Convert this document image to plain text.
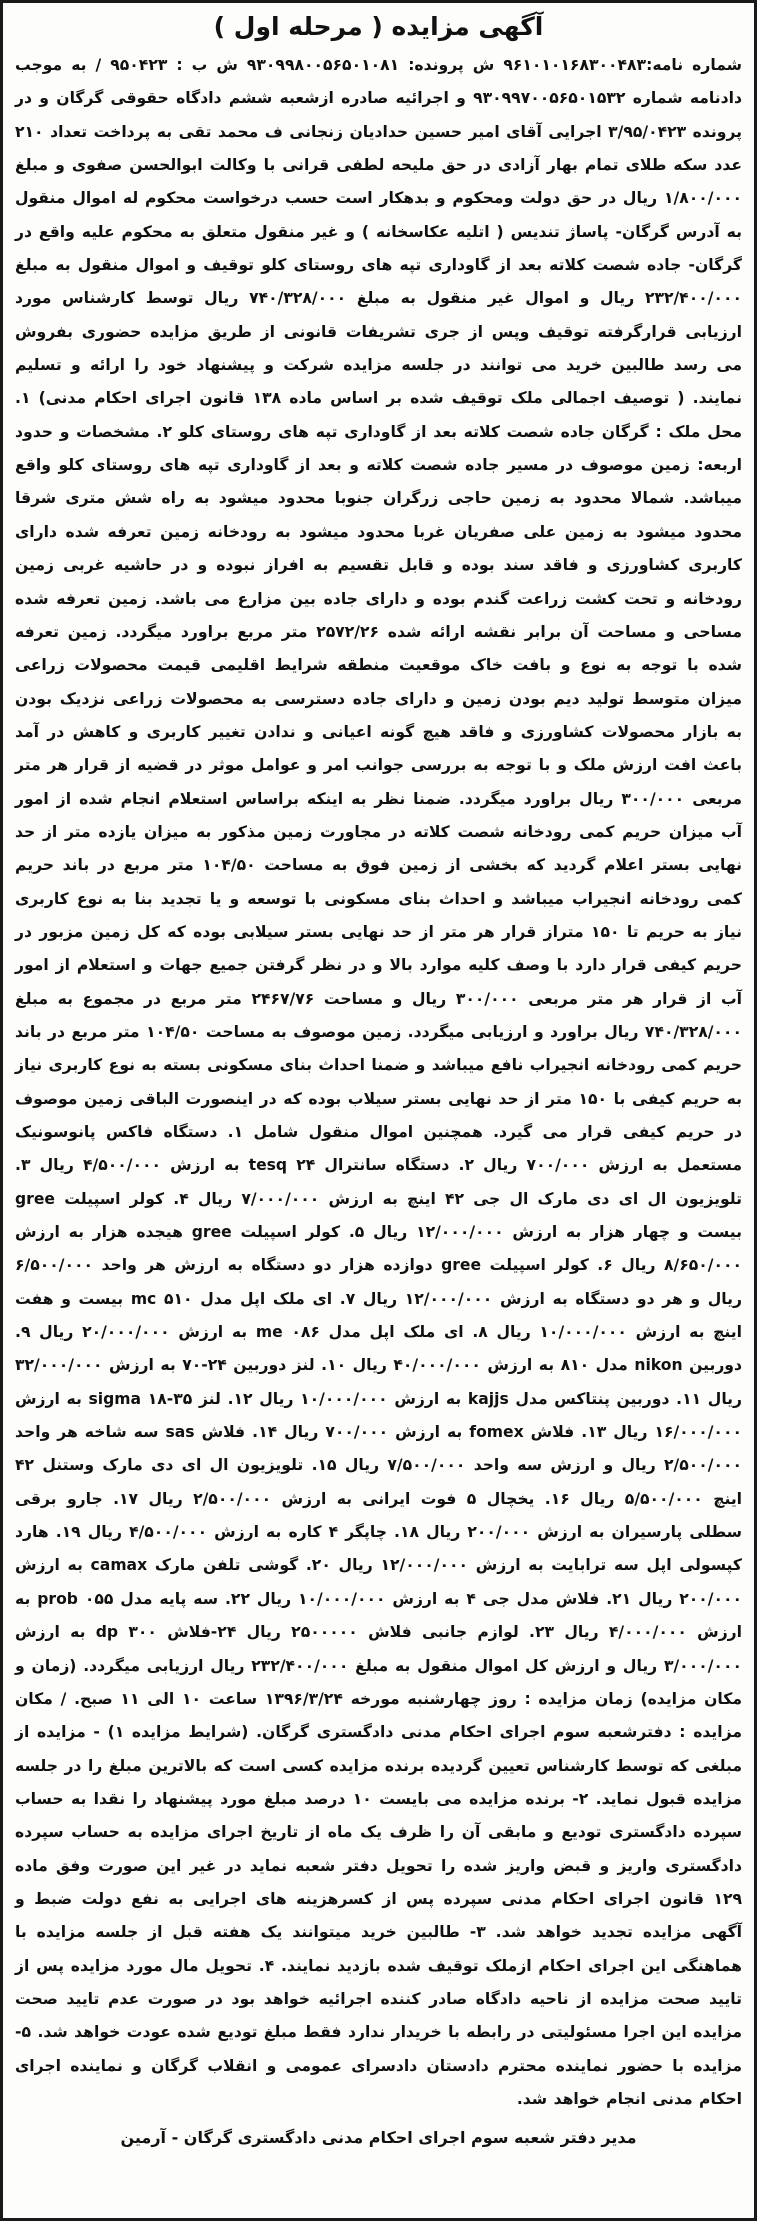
آگهی مزایده ( مرحله اول )

شماره نامه:۹۶۱۰۱۰۱۶۸۳۰۰۴۸۳ ش پرونده: ۹۳۰۹۹۸۰۰۵۶۵۰۱۰۸۱ ش ب : ۹۵۰۴۲۳ / به موجب دادنامه شماره ۹۳۰۹۹۷۰۰۵۶۵۰۱۵۳۲ و اجرائیه صادره ازشعبه ششم دادگاه حقوقی گرگان و در پرونده ۳/۹۵/۰۴۲۳ اجرایی آقای امیر حسین حدادیان زنجانی ف محمد تقی به پرداخت تعداد ۲۱۰ عدد سکه طلای تمام بهار آزادی در حق ملیحه لطفی قرانی با وکالت ابوالحسن صفوی و مبلغ ۱/۸۰۰/۰۰۰ ریال در حق دولت ومحکوم و بدهکار است حسب درخواست محکوم له اموال منقول به آدرس گرگان- پاساژ تندیس ( اتلیه عکاسخانه ) و غیر منقول متعلق به محکوم علیه واقع در گرگان- جاده شصت کلاته بعد از گاوداری تپه های روستای کلو توقیف و اموال منقول به مبلغ ۲۳۲/۴۰۰/۰۰۰ ریال و اموال غیر منقول به مبلغ ۷۴۰/۳۲۸/۰۰۰ ریال توسط کارشناس مورد ارزیابی قرارگرفته توقیف وپس از جری تشریفات قانونی از طریق مزایده حضوری بفروش می رسد طالبین خرید می توانند در جلسه مزایده شرکت و پیشنهاد خود را ارائه و تسلیم نمایند. ( توصیف اجمالی ملک توقیف شده بر اساس ماده ۱۳۸ قانون اجرای احکام مدنی) ۱. محل ملک : گرگان جاده شصت کلاته بعد از گاوداری تپه های روستای کلو ۲. مشخصات و حدود اربعه: زمین موصوف در مسیر جاده شصت کلاته و بعد از گاوداری تپه های روستای کلو واقع میباشد. شمالا محدود به زمین حاجی زرگران جنوبا محدود میشود به راه شش متری شرقا محدود میشود به زمین علی صفریان غربا محدود میشود به رودخانه زمین تعرفه شده دارای کاربری کشاورزی و فاقد سند بوده و قابل تقسیم به افراز نبوده و در حاشیه غربی زمین رودخانه و تحت کشت زراعت گندم بوده و دارای جاده بین مزارع می باشد. زمین تعرفه شده مساحی و مساحت آن برابر نقشه ارائه شده ۲۵۷۲/۲۶ متر مربع براورد میگردد. زمین تعرفه شده با توجه به نوع و بافت خاک موقعیت منطقه شرایط اقلیمی قیمت محصولات زراعی میزان متوسط تولید دیم بودن زمین و دارای جاده دسترسی به محصولات زراعی نزدیک بودن به بازار محصولات کشاورزی و فاقد هیچ گونه اعیانی و ندادن تغییر کاربری و کاهش در آمد باعث افت ارزش ملک و با توجه به بررسی جوانب امر و عوامل موثر در قضیه از قرار هر متر مربعی ۳۰۰/۰۰۰ ریال براورد میگردد. ضمنا نظر به اینکه براساس استعلام انجام شده از امور آب میزان حریم کمی رودخانه شصت کلاته در مجاورت زمین مذکور به میزان یازده متر از حد نهایی بستر اعلام گردید که بخشی از زمین فوق به مساحت ۱۰۴/۵۰ متر مربع در باند حریم کمی رودخانه انجیراب میباشد و احداث بنای مسکونی با توسعه و یا تجدید بنا به نوع کاربری نیاز به حریم تا ۱۵۰ متراز قرار هر متر از حد نهایی بستر سیلابی بوده که کل زمین مزبور در حریم کیفی قرار دارد با وصف کلیه موارد بالا و در نظر گرفتن جمیع جهات و استعلام از امور آب از قرار هر متر مربعی ۳۰۰/۰۰۰ ریال و مساحت ۲۴۶۷/۷۶ متر مربع در مجموع به مبلغ ۷۴۰/۳۲۸/۰۰۰ ریال براورد و ارزیابی میگردد. زمین موصوف به مساحت ۱۰۴/۵۰ متر مربع در باند حریم کمی رودخانه انجیراب نافع میباشد و ضمنا احداث بنای مسکونی بسته به نوع کاربری نیاز به حریم کیفی با ۱۵۰ متر از حد نهایی بستر سیلاب بوده که در اینصورت الباقی زمین موصوف در حریم کیفی قرار می گیرد. همچنین اموال منقول شامل ۱. دستگاه فاکس پانوسونیک مستعمل به ارزش ۷۰۰/۰۰۰ ریال ۲. دستگاه سانترال tesq ۲۴ به ارزش ۴/۵۰۰/۰۰۰ ریال ۳. تلویزیون ال ای دی مارک ال جی ۴۲ اینچ به ارزش ۷/۰۰۰/۰۰۰ ریال ۴. کولر اسپیلت gree بیست و چهار هزار به ارزش ۱۲/۰۰۰/۰۰۰ ریال ۵. کولر اسپیلت gree هیجده هزار به ارزش ۸/۶۵۰/۰۰۰ ریال ۶. کولر اسپیلت gree دوازده هزار دو دستگاه به ارزش هر واحد ۶/۵۰۰/۰۰۰ ریال و هر دو دستگاه به ارزش ۱۲/۰۰۰/۰۰۰ ریال ۷. ای ملک اپل مدل mc ۵۱۰ بیست و هفت اینچ به ارزش ۱۰/۰۰۰/۰۰۰ ریال ۸. ای ملک اپل مدل me ۰۸۶ به ارزش ۲۰/۰۰۰/۰۰۰ ریال ۹. دوربین nikon مدل ۸۱۰ به ارزش ۴۰/۰۰۰/۰۰۰ ریال ۱۰. لنز دوربین ۲۴-۷۰ به ارزش ۳۲/۰۰۰/۰۰۰ ریال ۱۱. دوربین پنتاکس مدل kajjs به ارزش ۱۰/۰۰۰/۰۰۰ ریال ۱۲. لنز sigma ۱۸-۳۵ به ارزش ۱۶/۰۰۰/۰۰۰ ریال ۱۳. فلاش fomex به ارزش ۷۰۰/۰۰۰ ریال ۱۴. فلاش sas سه شاخه هر واحد ۲/۵۰۰/۰۰۰ ریال و ارزش سه واحد ۷/۵۰۰/۰۰۰ ریال ۱۵. تلویزیون ال ای دی مارک وستنل ۴۲ اینچ ۵/۵۰۰/۰۰۰ ریال ۱۶. یخچال ۵ فوت ایرانی به ارزش ۲/۵۰۰/۰۰۰ ریال ۱۷. جارو برقی سطلی پارسیران به ارزش ۲۰۰/۰۰۰ ریال ۱۸. چاپگر ۴ کاره به ارزش ۴/۵۰۰/۰۰۰ ریال ۱۹. هارد کپسولی اپل سه ترابایت به ارزش ۱۲/۰۰۰/۰۰۰ ریال ۲۰. گوشی تلفن مارک camax به ارزش ۲۰۰/۰۰۰ ریال ۲۱. فلاش مدل جی ۴ به ارزش ۱۰/۰۰۰/۰۰۰ ریال ۲۲. سه پایه مدل prob ۰۵۵ به ارزش ۴/۰۰۰/۰۰۰ ریال ۲۳. لوازم جانبی فلاش ۲۵۰۰۰۰۰ ریال ۲۴-فلاش dp ۳۰۰ به ارزش ۳/۰۰۰/۰۰۰ ریال و ارزش کل اموال منقول به مبلغ ۲۳۲/۴۰۰/۰۰۰ ریال ارزیابی میگردد. (زمان و مکان مزایده) زمان مزایده : روز چهارشنبه مورخه ۱۳۹۶/۳/۲۴ ساعت ۱۰ الی ۱۱ صبح. / مکان مزایده : دفترشعبه سوم اجرای احکام مدنی دادگستری گرگان. (شرایط مزایده ۱) - مزایده از مبلغی که توسط کارشناس تعیین گردیده برنده مزایده کسی است که بالاترین مبلغ را در جلسه مزایده قبول نماید. ۲- برنده مزایده می بایست ۱۰ درصد مبلغ مورد پیشنهاد را نقدا به حساب سپرده دادگستری تودیع و مابقی آن را ظرف یک ماه از تاریخ اجرای مزایده به حساب سپرده دادگستری واریز و قبض واریز شده را تحویل دفتر شعبه نماید در غیر این صورت وفق ماده ۱۲۹ قانون اجرای احکام مدنی سپرده پس از کسرهزینه های اجرایی به نفع دولت ضبط و آگهی مزایده تجدید خواهد شد. ۳- طالبین خرید میتوانند یک هفته قبل از جلسه مزایده با هماهنگی این اجرای احکام ازملک توقیف شده بازدید نمایند. ۴. تحویل مال مورد مزایده پس از تایید صحت مزایده از ناحیه دادگاه صادر کننده اجرائیه خواهد بود در صورت عدم تایید صحت مزایده این اجرا مسئولیتی در رابطه با خریدار ندارد فقط مبلغ تودیع شده عودت خواهد شد. ۵- مزایده با حضور نماینده محترم دادستان دادسرای عمومی و انقلاب گرگان و نماینده اجرای احکام مدنی انجام خواهد شد.

مدیر دفتر شعبه سوم اجرای احکام مدنی دادگستری گرگان - آرمین
